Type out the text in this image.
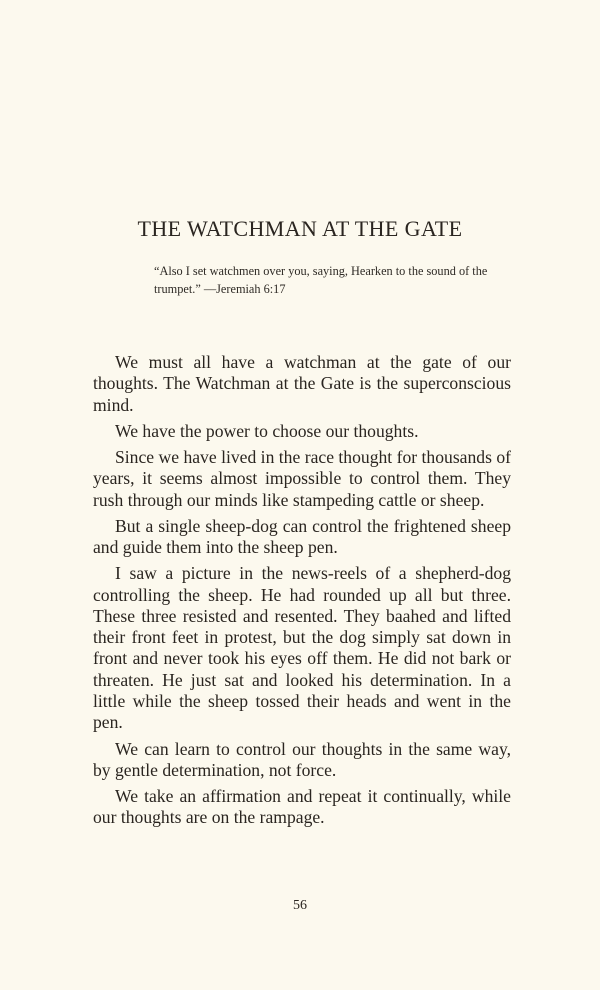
THE WATCHMAN AT THE GATE
“Also I set watchmen over you, saying, Hearken to the sound of the trumpet.” —Jeremiah 6:17

We must all have a watchman at the gate of our thoughts. The Watchman at the Gate is the superconscious mind.

We have the power to choose our thoughts.

Since we have lived in the race thought for thousands of years, it seems almost impossible to control them. They rush through our minds like stampeding cattle or sheep.

But a single sheep-dog can control the frightened sheep and guide them into the sheep pen.

I saw a picture in the news-reels of a shepherd-dog controlling the sheep. He had rounded up all but three. These three resisted and resented. They baahed and lifted their front feet in protest, but the dog simply sat down in front and never took his eyes off them. He did not bark or threaten. He just sat and looked his determination. In a little while the sheep tossed their heads and went in the pen.

We can learn to control our thoughts in the same way, by gentle determination, not force.

We take an affirmation and repeat it continually, while our thoughts are on the rampage.

56
